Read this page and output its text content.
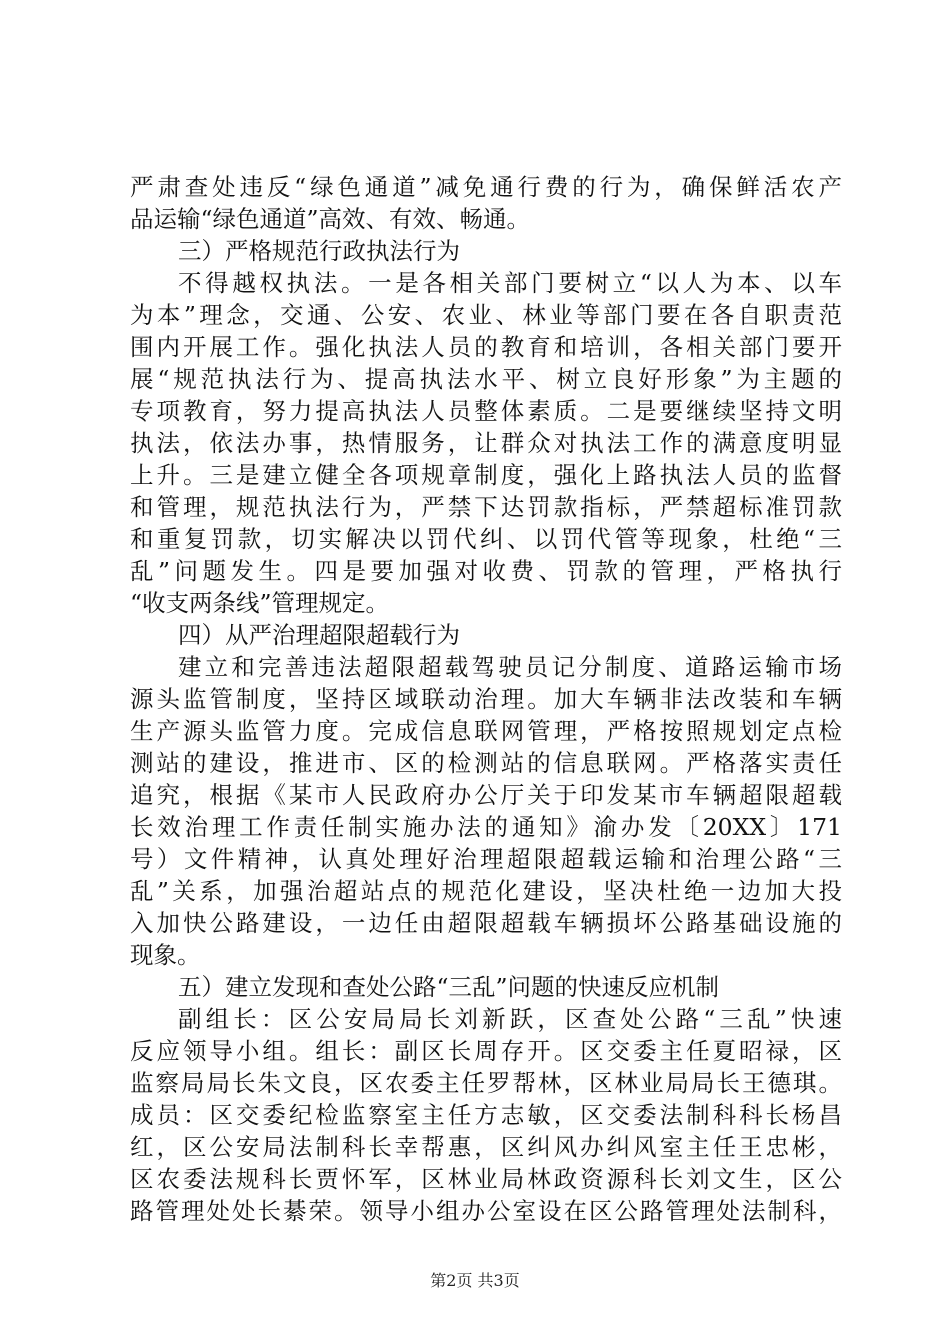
严肃查处违反“绿色通道”减免通行费的行为，确保鲜活农产
品运输“绿色通道”高效、有效、畅通。
三）严格规范行政执法行为
不得越权执法。一是各相关部门要树立“以人为本、以车
为本”理念，交通、公安、农业、林业等部门要在各自职责范
围内开展工作。强化执法人员的教育和培训，各相关部门要开
展“规范执法行为、提高执法水平、树立良好形象”为主题的
专项教育，努力提高执法人员整体素质。二是要继续坚持文明
执法，依法办事，热情服务，让群众对执法工作的满意度明显
上升。三是建立健全各项规章制度，强化上路执法人员的监督
和管理，规范执法行为，严禁下达罚款指标，严禁超标准罚款
和重复罚款，切实解决以罚代纠、以罚代管等现象，杜绝“三
乱”问题发生。四是要加强对收费、罚款的管理，严格执行
“收支两条线”管理规定。
四）从严治理超限超载行为
建立和完善违法超限超载驾驶员记分制度、道路运输市场
源头监管制度，坚持区域联动治理。加大车辆非法改装和车辆
生产源头监管力度。完成信息联网管理，严格按照规划定点检
测站的建设，推进市、区的检测站的信息联网。严格落实责任
追究，根据《某市人民政府办公厅关于印发某市车辆超限超载
长效治理工作责任制实施办法的通知》渝办发〔20XX〕171
号）文件精神，认真处理好治理超限超载运输和治理公路“三
乱”关系，加强治超站点的规范化建设，坚决杜绝一边加大投
入加快公路建设，一边任由超限超载车辆损坏公路基础设施的
现象。
五）建立发现和查处公路“三乱”问题的快速反应机制
副组长：区公安局局长刘新跃，区查处公路“三乱”快速
反应领导小组。组长：副区长周存开。区交委主任夏昭禄，区
监察局局长朱文良，区农委主任罗帮林，区林业局局长王德琪。
成员：区交委纪检监察室主任方志敏，区交委法制科科长杨昌
红，区公安局法制科长幸帮惠，区纠风办纠风室主任王忠彬，
区农委法规科长贾怀军，区林业局林政资源科长刘文生，区公
路管理处处长綦荣。领导小组办公室设在区公路管理处法制科，
第2页 共3页
